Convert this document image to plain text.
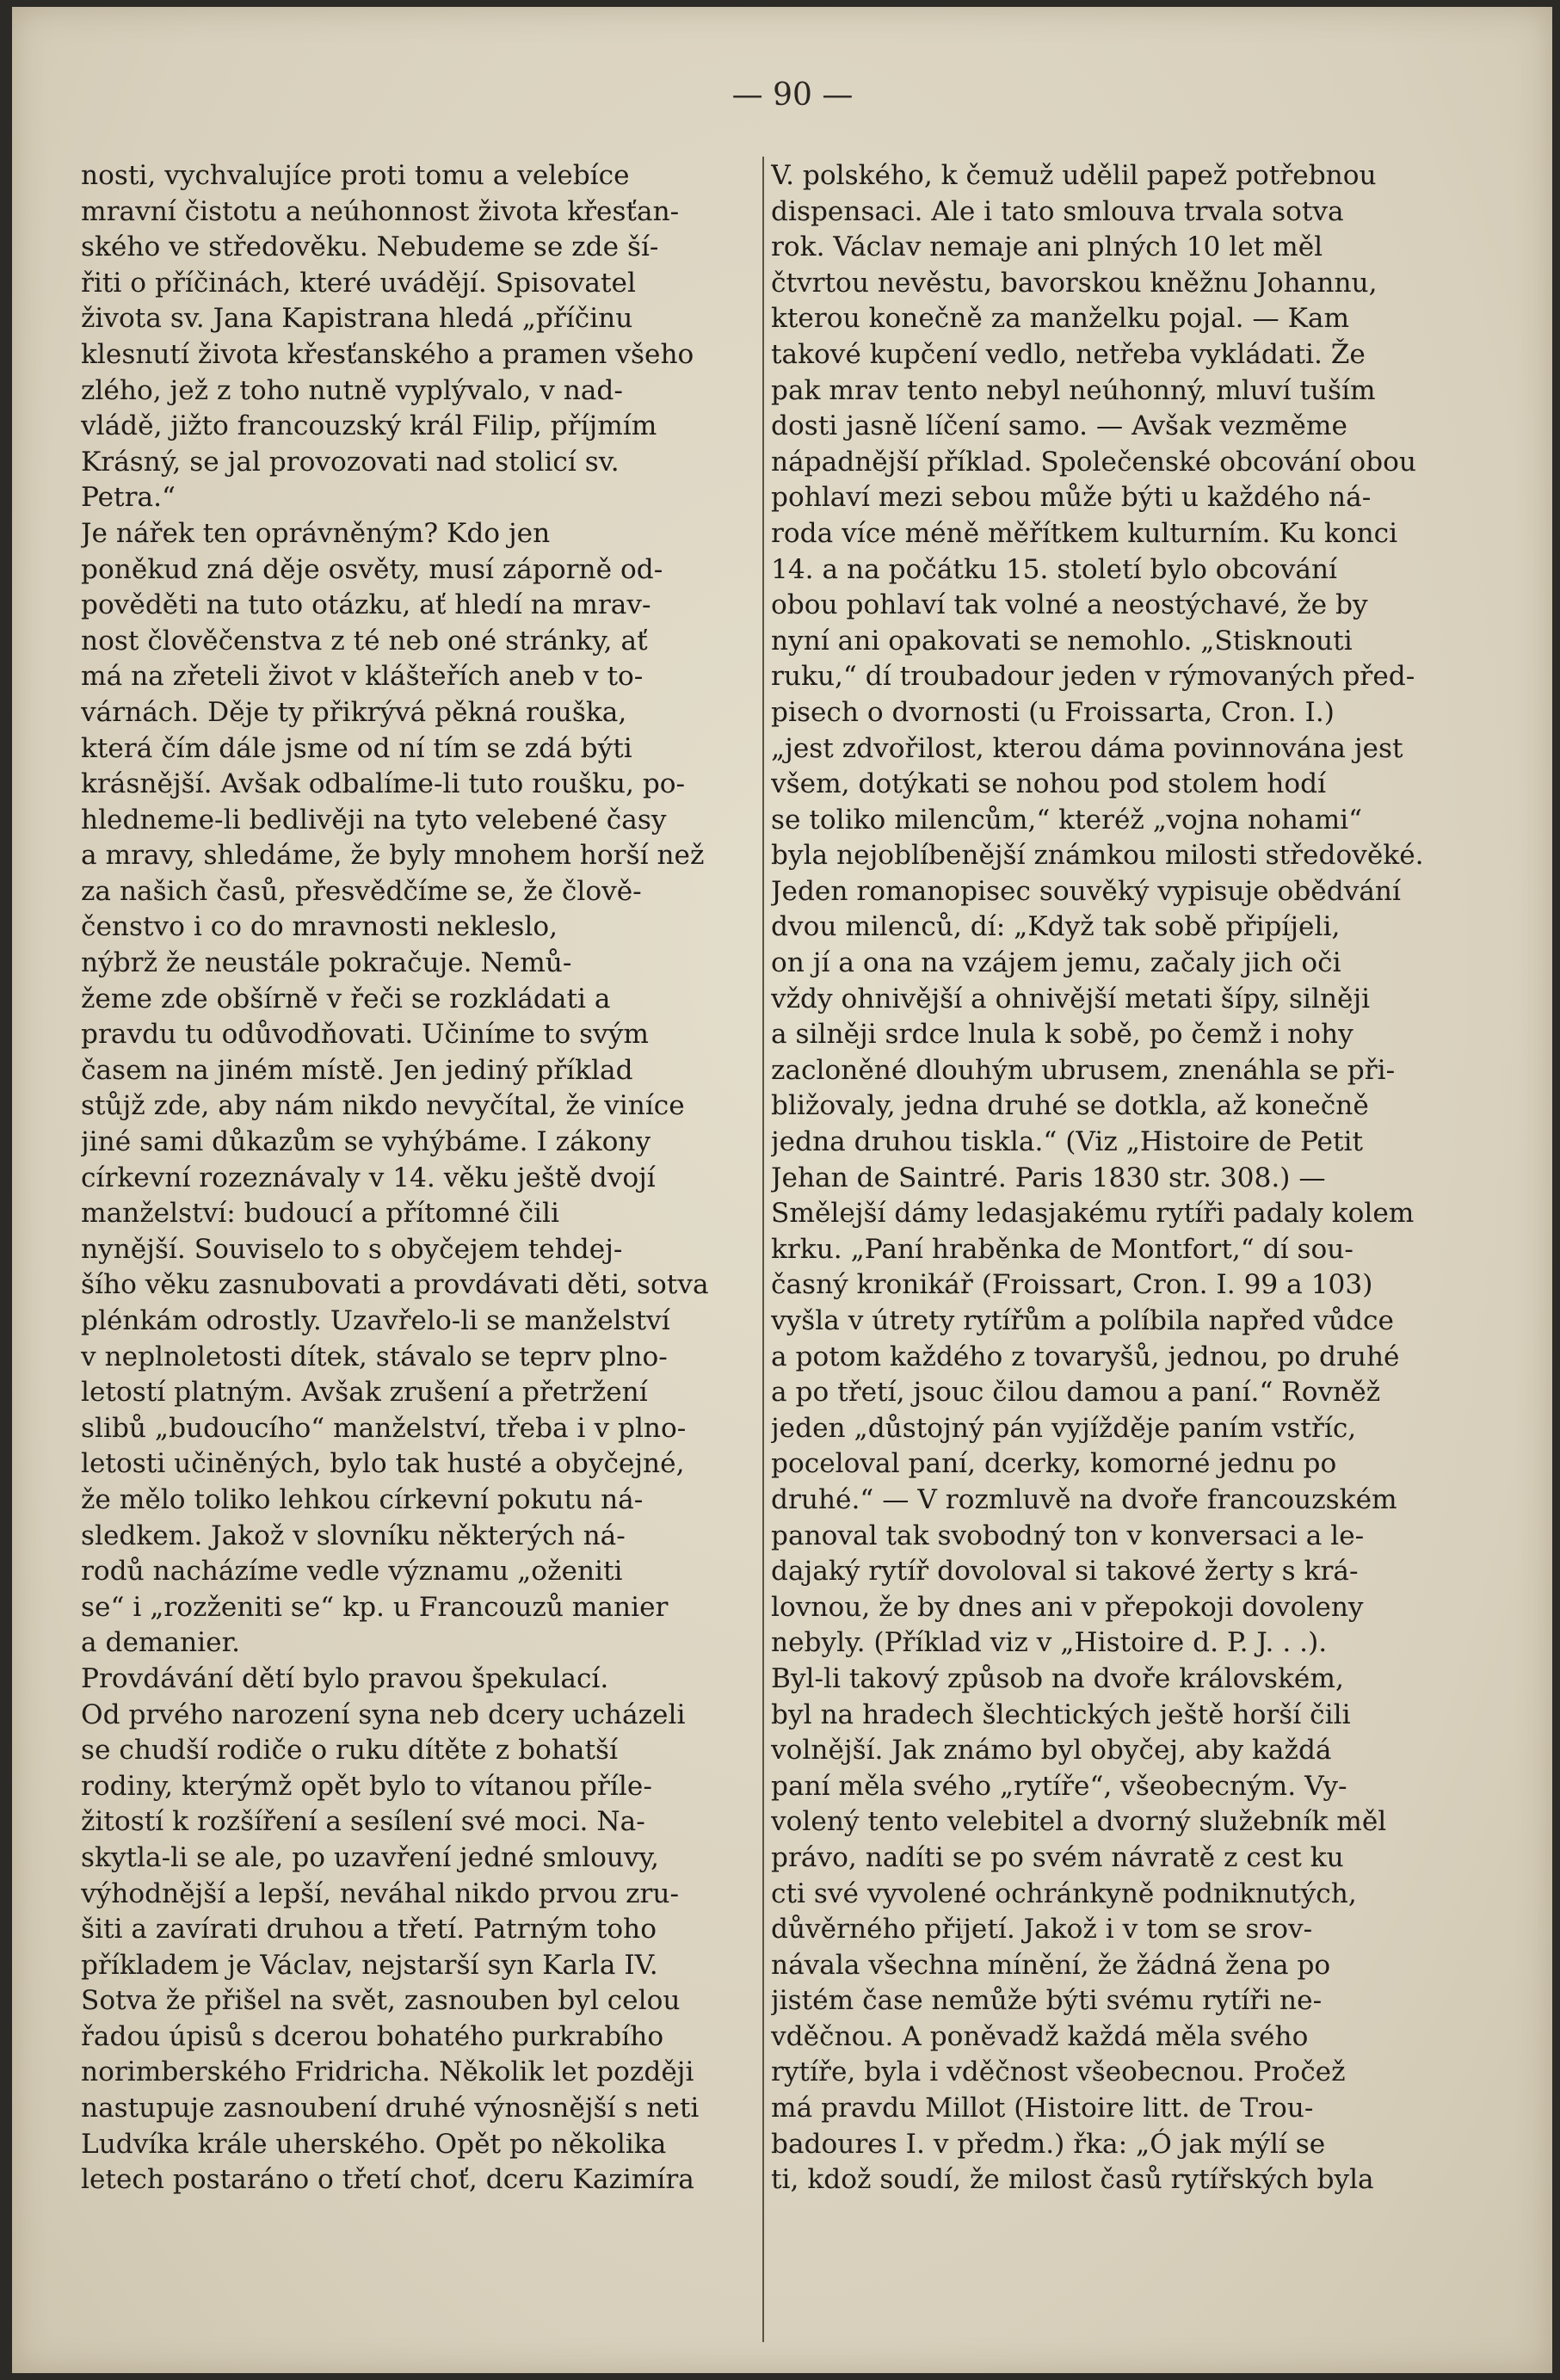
— 90 —
nosti, vychvalujíce proti tomu a velebíce
mravní čistotu a neúhonnost života křesťan-
ského ve středověku. Nebudeme se zde ší-
řiti o příčinách, které uvádějí. Spisovatel
života sv. Jana Kapistrana hledá „příčinu
klesnutí života křesťanského a pramen všeho
zlého, jež z toho nutně vyplývalo, v nad-
vládě, jižto francouzský král Filip, příjmím
Krásný, se jal provozovati nad stolicí sv.
Petra.“
Je nářek ten oprávněným? Kdo jen
poněkud zná děje osvěty, musí záporně od-
pověděti na tuto otázku, ať hledí na mrav-
nost člověčenstva z té neb oné stránky, ať
má na zřeteli život v klášteřích aneb v to-
várnách. Děje ty přikrývá pěkná rouška,
která čím dále jsme od ní tím se zdá býti
krásnější. Avšak odbalíme-li tuto roušku, po-
hledneme-li bedlivěji na tyto velebené časy
a mravy, shledáme, že byly mnohem horší než
za našich časů, přesvědčíme se, že člově-
čenstvo i co do mravnosti nekleslo,
nýbrž že neustále pokračuje. Nemů-
žeme zde obšírně v řeči se rozkládati a
pravdu tu odůvodňovati. Učiníme to svým
časem na jiném místě. Jen jediný příklad
stůjž zde, aby nám nikdo nevyčítal, že viníce
jiné sami důkazům se vyhýbáme. I zákony
církevní rozeznávaly v 14. věku ještě dvojí
manželství: budoucí a přítomné čili
nynější. Souviselo to s obyčejem tehdej-
šího věku zasnubovati a provdávati děti, sotva
plénkám odrostly. Uzavřelo-li se manželství
v neplnoletosti dítek, stávalo se teprv plno-
letostí platným. Avšak zrušení a přetržení
slibů „budoucího“ manželství, třeba i v plno-
letosti učiněných, bylo tak husté a obyčejné,
že mělo toliko lehkou církevní pokutu ná-
sledkem. Jakož v slovníku některých ná-
rodů nacházíme vedle významu „oženiti
se“ i „rozženiti se“ kp. u Francouzů manier
a demanier.
Provdávání dětí bylo pravou špekulací.
Od prvého narození syna neb dcery ucházeli
se chudší rodiče o ruku dítěte z bohatší
rodiny, kterýmž opět bylo to vítanou příle-
žitostí k rozšíření a sesílení své moci. Na-
skytla-li se ale, po uzavření jedné smlouvy,
výhodnější a lepší, neváhal nikdo prvou zru-
šiti a zavírati druhou a třetí. Patrným toho
příkladem je Václav, nejstarší syn Karla IV.
Sotva že přišel na svět, zasnouben byl celou
řadou úpisů s dcerou bohatého purkrabího
norimberského Fridricha. Několik let později
nastupuje zasnoubení druhé výnosnější s neti
Ludvíka krále uherského. Opět po několika
letech postaráno o třetí choť, dceru Kazimíra
V. polského, k čemuž udělil papež potřebnou
dispensaci. Ale i tato smlouva trvala sotva
rok. Václav nemaje ani plných 10 let měl
čtvrtou nevěstu, bavorskou kněžnu Johannu,
kterou konečně za manželku pojal. — Kam
takové kupčení vedlo, netřeba vykládati. Že
pak mrav tento nebyl neúhonný, mluví tuším
dosti jasně líčení samo. — Avšak vezměme
nápadnější příklad. Společenské obcování obou
pohlaví mezi sebou může býti u každého ná-
roda více méně měřítkem kulturním. Ku konci
14. a na počátku 15. století bylo obcování
obou pohlaví tak volné a neostýchavé, že by
nyní ani opakovati se nemohlo. „Stisknouti
ruku,“ dí troubadour jeden v rýmovaných před-
pisech o dvornosti (u Froissarta, Cron. I.)
„jest zdvořilost, kterou dáma povinnována jest
všem, dotýkati se nohou pod stolem hodí
se toliko milencům,“ kteréž „vojna nohami“
byla nejoblíbenější známkou milosti středověké.
Jeden romanopisec souvěký vypisuje obědvání
dvou milenců, dí: „Když tak sobě připíjeli,
on jí a ona na vzájem jemu, začaly jich oči
vždy ohnivější a ohnivější metati šípy, silněji
a silněji srdce lnula k sobě, po čemž i nohy
zacloněné dlouhým ubrusem, znenáhla se při-
bližovaly, jedna druhé se dotkla, až konečně
jedna druhou tiskla.“ (Viz „Histoire de Petit
Jehan de Saintré. Paris 1830 str. 308.) —
Smělejší dámy ledasjakému rytíři padaly kolem
krku. „Paní hraběnka de Montfort,“ dí sou-
časný kronikář (Froissart, Cron. I. 99 a 103)
vyšla v útrety rytířům a políbila napřed vůdce
a potom každého z tovaryšů, jednou, po druhé
a po třetí, jsouc čilou damou a paní.“ Rovněž
jeden „důstojný pán vyjížděje paním vstříc,
poceloval paní, dcerky, komorné jednu po
druhé.“ — V rozmluvě na dvoře francouzském
panoval tak svobodný ton v konversaci a le-
dajaký rytíř dovoloval si takové žerty s krá-
lovnou, že by dnes ani v přepokoji dovoleny
nebyly. (Příklad viz v „Histoire d. P. J. . .).
Byl-li takový způsob na dvoře královském,
byl na hradech šlechtických ještě horší čili
volnější. Jak známo byl obyčej, aby každá
paní měla svého „rytíře“, všeobecným. Vy-
volený tento velebitel a dvorný služebník měl
právo, nadíti se po svém návratě z cest ku
cti své vyvolené ochránkyně podniknutých,
důvěrného přijetí. Jakož i v tom se srov-
návala všechna mínění, že žádná žena po
jistém čase nemůže býti svému rytíři ne-
vděčnou. A poněvadž každá měla svého
rytíře, byla i vděčnost všeobecnou. Pročež
má pravdu Millot (Histoire litt. de Trou-
badoures I. v předm.) řka: „Ó jak mýlí se
ti, kdož soudí, že milost časů rytířských byla
